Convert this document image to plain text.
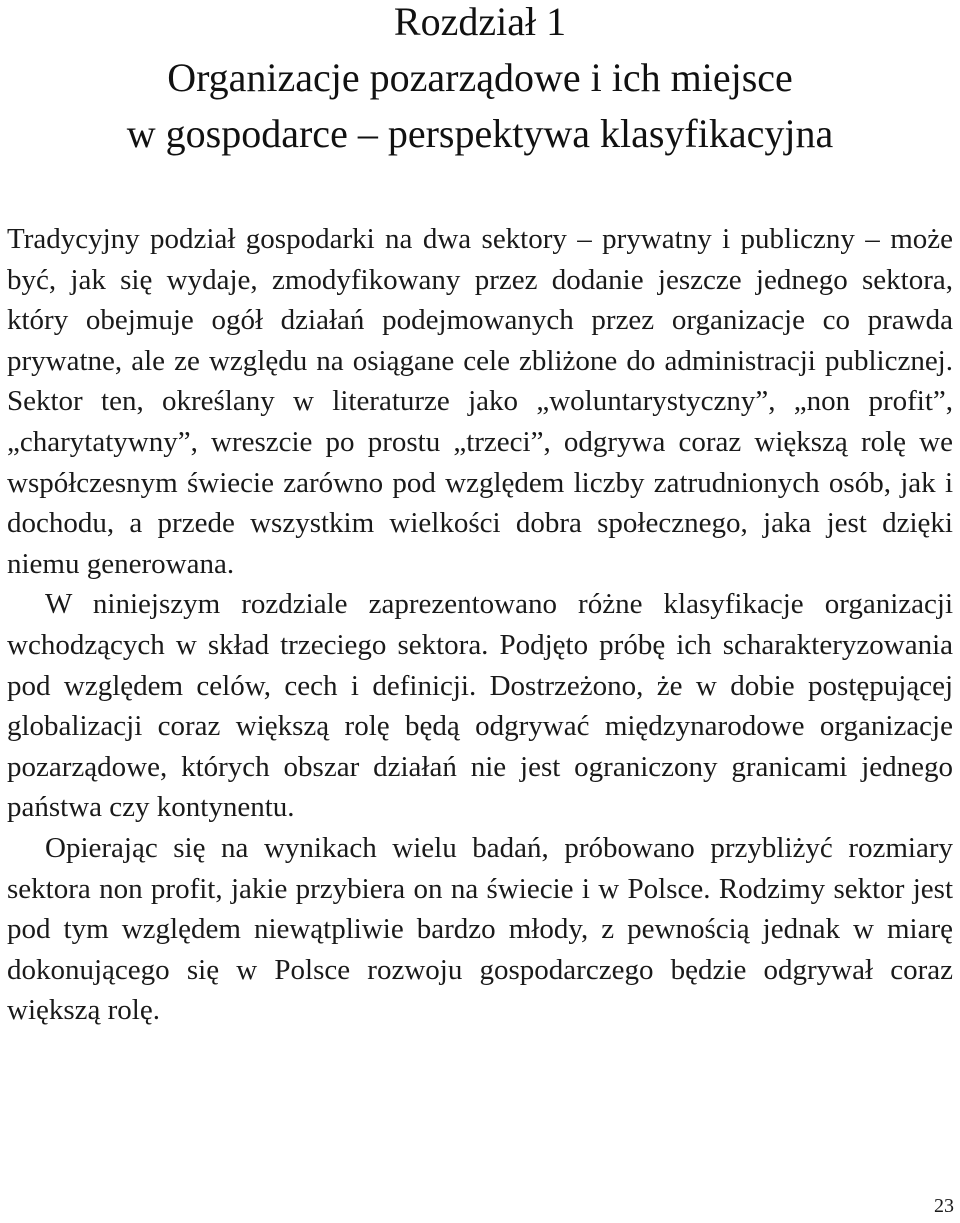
Rozdział 1
Organizacje pozarządowe i ich miejsce
w gospodarce – perspektywa klasyfikacyjna

Tradycyjny podział gospodarki na dwa sektory – prywatny i publiczny – może być, jak się wydaje, zmodyfikowany przez dodanie jeszcze jednego sektora, który obejmuje ogół działań podejmowanych przez organizacje co prawda prywatne, ale ze względu na osiągane cele zbliżone do administracji publicznej. Sektor ten, określany w literaturze jako „woluntarystyczny”, „non profit”, „charytatywny”, wreszcie po prostu „trzeci”, odgrywa coraz większą rolę we współczesnym świecie zarówno pod względem liczby zatrudnionych osób, jak i dochodu, a przede wszystkim wielkości dobra społecznego, jaka jest dzięki niemu generowana.

W niniejszym rozdziale zaprezentowano różne klasyfikacje organizacji wchodzących w skład trzeciego sektora. Podjęto próbę ich scharakteryzowania pod względem celów, cech i definicji. Dostrzeżono, że w dobie postępującej globalizacji coraz większą rolę będą odgrywać międzynarodowe organizacje pozarządowe, których obszar działań nie jest ograniczony granicami jednego państwa czy kontynentu.

Opierając się na wynikach wielu badań, próbowano przybliżyć rozmiary sektora non profit, jakie przybiera on na świecie i w Polsce. Rodzimy sektor jest pod tym względem niewątpliwie bardzo młody, z pewnością jednak w miarę dokonującego się w Polsce rozwoju gospodarczego będzie odgrywał coraz większą rolę.

23
